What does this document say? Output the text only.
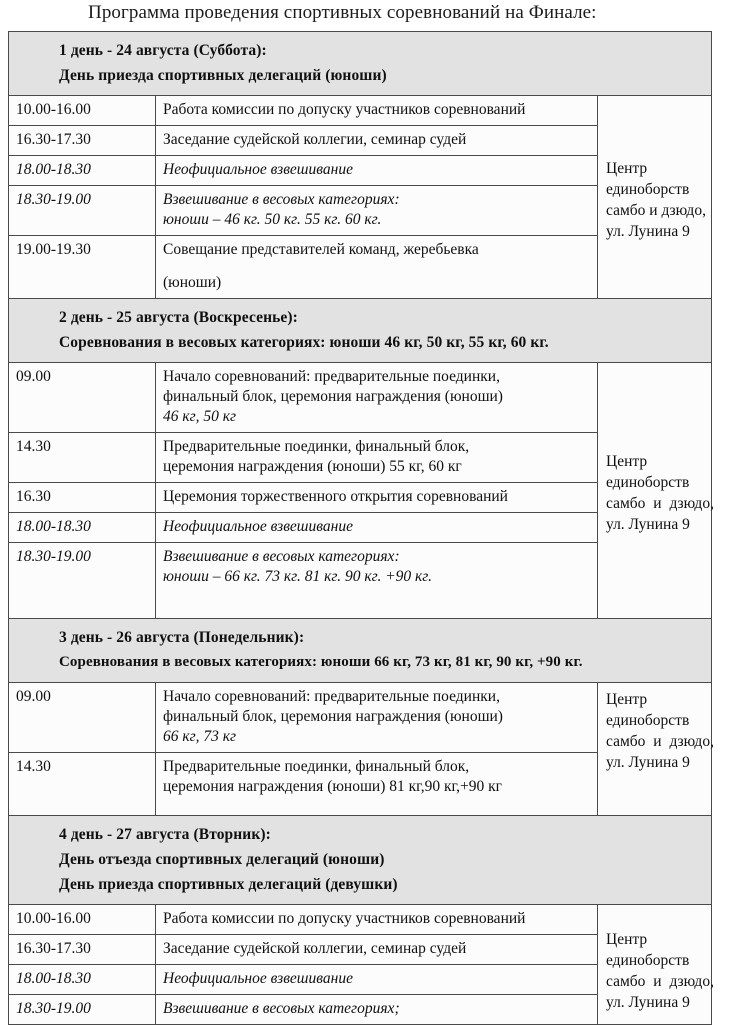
Программа проведения спортивных соревнований на Финале:
1 день - 24 августа (Суббота):
День приезда спортивных делегаций (юноши)		

10.00-16.00	Работа комиссии по допуску участников соревнований	Центр
единоборств
самбо и дзюдо,
ул. Лунина 9

16.30-17.30	Заседание судейской коллегии, семинар судей	

18.00-18.30	Неофициальное взвешивание	

18.30-19.00	Взвешивание в весовых категориях:
юноши – 46 кг. 50 кг. 55 кг. 60 кг.	

19.00-19.30	Совещание представителей команд, жеребьевка
(юноши)	

2 день - 25 августа (Воскресенье):
Соревнования в весовых категориях: юноши 46 кг, 50 кг, 55 кг, 60 кг.		

09.00	Начало соревнований: предварительные поединки,
финальный блок, церемония награждения (юноши)
46 кг, 50 кг	Центр
единоборств
самбо и дзюдо,
ул. Лунина 9

14.30	Предварительные поединки, финальный блок,
церемония награждения (юноши) 55 кг, 60 кг	

16.30	Церемония торжественного открытия соревнований	

18.00-18.30	Неофициальное взвешивание	

18.30-19.00	Взвешивание в весовых категориях:
юноши – 66 кг. 73 кг. 81 кг. 90 кг. +90 кг.	

3 день - 26 августа (Понедельник):
Соревнования в весовых категориях: юноши 66 кг, 73 кг, 81 кг, 90 кг, +90 кг.		

09.00	Начало соревнований: предварительные поединки,
финальный блок, церемония награждения (юноши)
66 кг, 73 кг	Центр
единоборств
самбо и дзюдо,
ул. Лунина 9

14.30	Предварительные поединки, финальный блок,
церемония награждения (юноши) 81 кг,90 кг,+90 кг	

4 день - 27 августа (Вторник):
День отъезда спортивных делегаций (юноши)
День приезда спортивных делегаций (девушки)		

10.00-16.00	Работа комиссии по допуску участников соревнований	Центр
единоборств
самбо и дзюдо,
ул. Лунина 9

16.30-17.30	Заседание судейской коллегии, семинар судей	

18.00-18.30	Неофициальное взвешивание	

18.30-19.00	Взвешивание в весовых категориях;	
